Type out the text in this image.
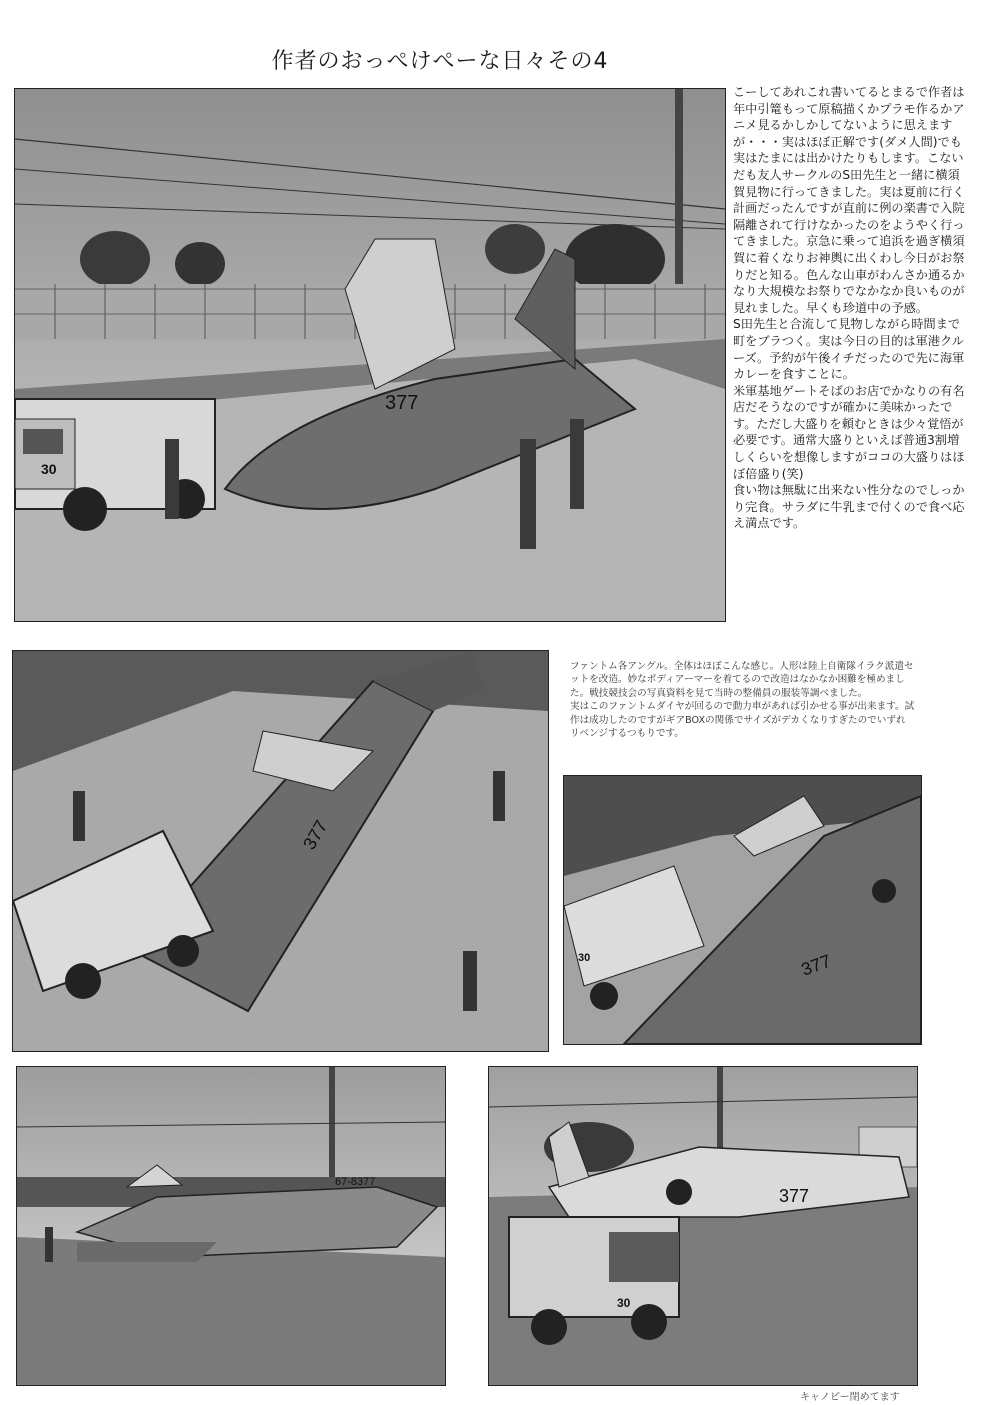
作者のおっぺけぺーな日々その4
30
377

こーしてあれこれ書いてるとまるで作者は年中引篭もって原稿描くかプラモ作るかアニメ見るかしかしてないように思えますが・・・実はほぼ正解です(ダメ人間)でも実はたまには出かけたりもします。こないだも友人サークルのS田先生と一緒に横須賀見物に行ってきました。実は夏前に行く計画だったんですが直前に例の楽書で入院隔離されて行けなかったのをようやく行ってきました。京急に乗って追浜を過ぎ横須賀に着くなりお神輿に出くわし今日がお祭りだと知る。色んな山車がわんさか通るかなり大規模なお祭りでなかなか良いものが見れました。早くも珍道中の予感。

S田先生と合流して見物しながら時間まで町をブラつく。実は今日の目的は軍港クルーズ。予約が午後イチだったので先に海軍カレーを食すことに。

米軍基地ゲートそばのお店でかなりの有名店だそうなのですが確かに美味かったです。ただし大盛りを頼むときは少々覚悟が必要です。通常大盛りといえば普通3割増しくらいを想像しますがココの大盛りはほぼ倍盛り(笑)

食い物は無駄に出来ない性分なのでしっかり完食。サラダに牛乳まで付くので食べ応え満点です。

377

ファントム各アングル。全体はほぼこんな感じ。人形は陸上自衛隊イラク派遣セットを改造。妙なボディアーマーを着てるので改造はなかなか困難を極めました。戦技競技会の写真資料を見て当時の整備員の服装等調べました。

実はこのファントムダイヤが回るので動力車があれば引かせる事が出来ます。試作は成功したのですがギアBOXの関係でサイズがデカくなりすぎたのでいずれリベンジするつもりです。

377
30
67-8377
377
30
キャノピー閉めてます
